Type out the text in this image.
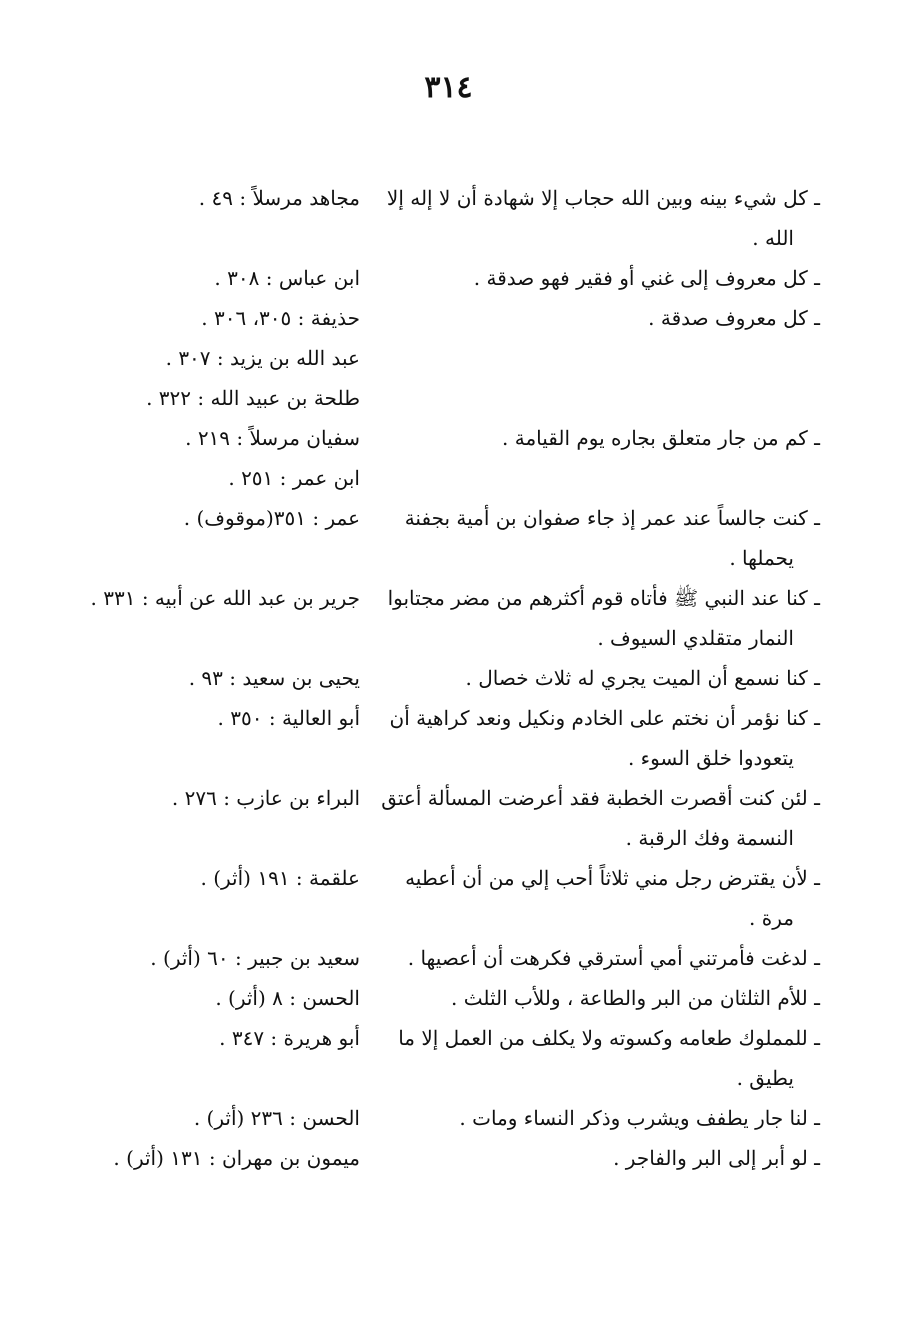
٣١٤
ـ كل شيء بينه وبين الله حجاب إلا شهادة أن لا إله إلا الله .
مجاهد مرسلاً : ٤٩ .
ـ كل معروف إلى غني أو فقير فهو صدقة .
ابن عباس : ٣٠٨ .
ـ كل معروف صدقة .
حذيفة : ٣٠٥، ٣٠٦ .
عبد الله بن يزيد : ٣٠٧ .
طلحة بن عبيد الله : ٣٢٢ .
ـ كم من جار متعلق بجاره يوم القيامة .
سفيان مرسلاً : ٢١٩ .
ابن عمر : ٢٥١ .
ـ كنت جالساً عند عمر إذ جاء صفوان بن أمية بجفنة يحملها .
عمر : ٣٥١(موقوف) .
ـ كنا عند النبي ﷺ فأتاه قوم أكثرهم من مضر مجتابوا النمار متقلدي السيوف .
جرير بن عبد الله عن أبيه : ٣٣١ .
ـ كنا نسمع أن الميت يجري له ثلاث خصال .
يحيى بن سعيد : ٩٣ .
ـ كنا نؤمر أن نختم على الخادم ونكيل ونعد كراهية أن يتعودوا خلق السوء .
أبو العالية : ٣٥٠ .
ـ لئن كنت أقصرت الخطبة فقد أعرضت المسألة أعتق النسمة وفك الرقبة .
البراء بن عازب : ٢٧٦ .
ـ لأن يقترض رجل مني ثلاثاً أحب إلي من أن أعطيه مرة .
علقمة : ١٩١ (أثر) .
ـ لدغت فأمرتني أمي أسترقي فكرهت أن أعصيها .
سعيد بن جبير : ٦٠ (أثر) .
ـ للأم الثلثان من البر والطاعة ، وللأب الثلث .
الحسن : ٨ (أثر) .
ـ للمملوك طعامه وكسوته ولا يكلف من العمل إلا ما يطيق .
أبو هريرة : ٣٤٧ .
ـ لنا جار يطفف ويشرب وذكر النساء ومات .
الحسن : ٢٣٦ (أثر) .
ـ لو أبر إلى البر والفاجر .
ميمون بن مهران : ١٣١ (أثر) .
